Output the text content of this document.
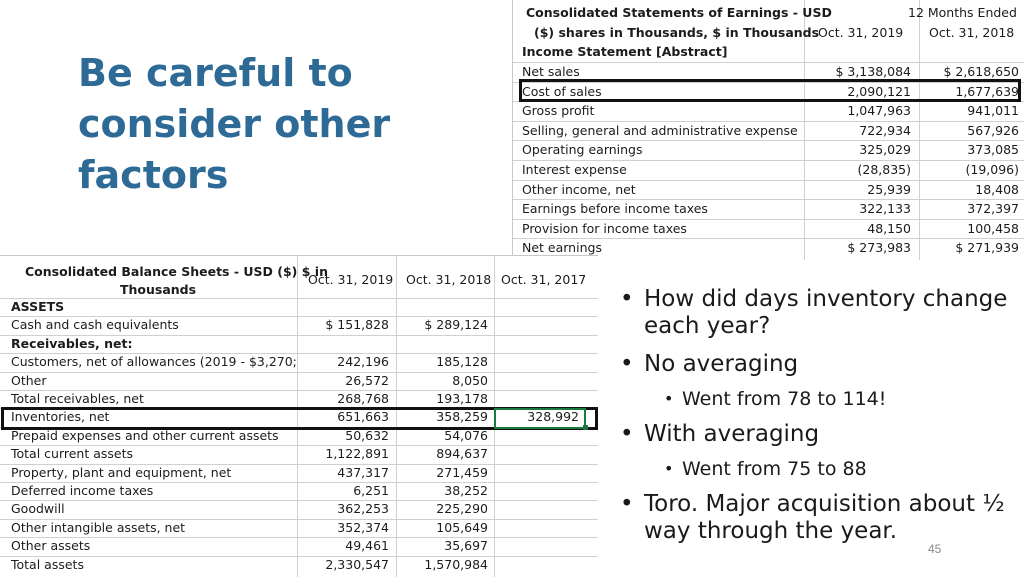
Be careful to
consider other
factors
Consolidated Statements of Earnings - USD
($) shares in Thousands, $ in Thousands
12 Months Ended
Oct. 31, 2019 Oct. 31, 2018
Income Statement [Abstract]
Net sales	$ 3,138,084	$ 2,618,650
Cost of sales	2,090,121	1,677,639
Gross profit	1,047,963	941,011
Selling, general and administrative expense	722,934	567,926
Operating earnings	325,029	373,085
Interest expense	(28,835)	(19,096)
Other income, net	25,939	18,408
Earnings before income taxes	322,133	372,397
Provision for income taxes	48,150	100,458
Net earnings	$ 273,983	$ 271,939
Consolidated Balance Sheets - USD ($) $ in
Thousands
Oct. 31, 2019 Oct. 31, 2018 Oct. 31, 2017
ASSETS
Cash and cash equivalents	$ 151,828	$ 289,124
Receivables, net:
Customers, net of allowances (2019 - $3,270;	242,196	185,128
Other	26,572	8,050
Total receivables, net	268,768	193,178
Inventories, net	651,663	358,259	328,992
Prepaid expenses and other current assets	50,632	54,076
Total current assets	1,122,891	894,637
Property, plant and equipment, net	437,317	271,459
Deferred income taxes	6,251	38,252
Goodwill	362,253	225,290
Other intangible assets, net	352,374	105,649
Other assets	49,461	35,697
Total assets	2,330,547	1,570,984
• How did days inventory change each year?
• No averaging
• Went from 78 to 114!
• With averaging
• Went from 75 to 88
• Toro. Major acquisition about ½ way through the year.
45
